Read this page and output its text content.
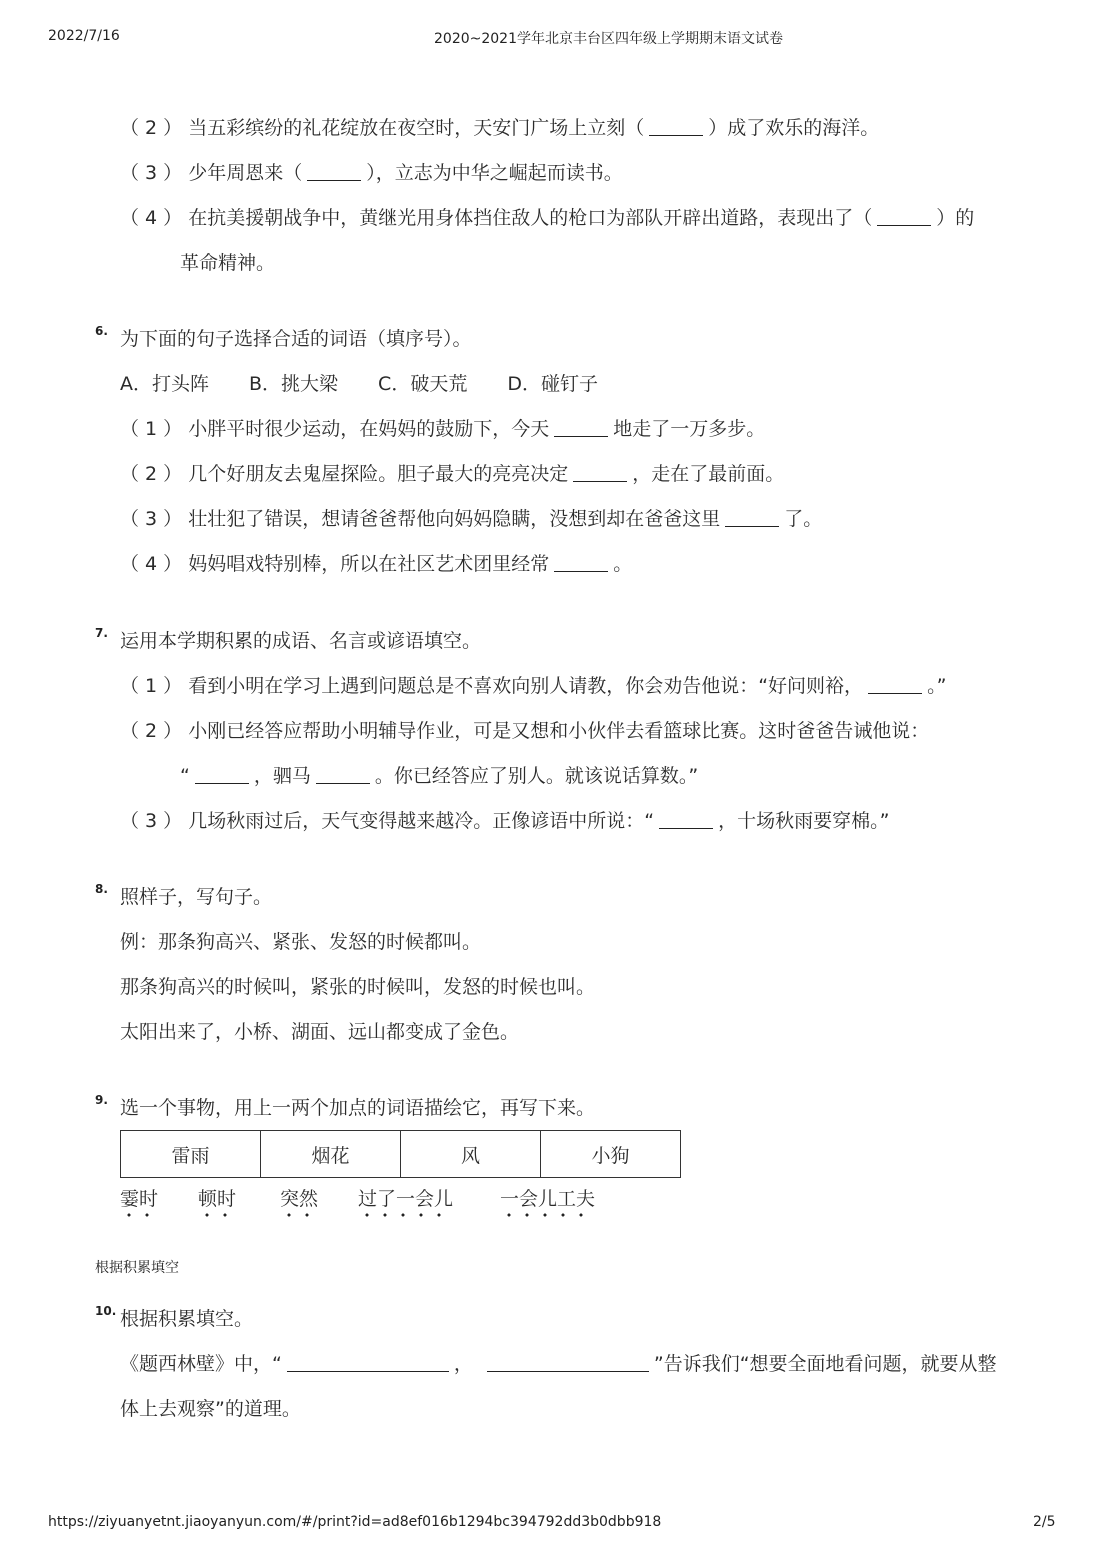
2022/7/16	2020~2021学年北京丰台区四年级上学期期末语文试卷
（ 2 ） 当五彩缤纷的礼花绽放在夜空时，天安门广场上立刻（	）成了欢乐的海洋。
（ 3 ） 少年周恩来（	），立志为中华之崛起而读书。
（ 4 ） 在抗美援朝战争中，黄继光用身体挡住敌人的枪口为部队开辟出道路，表现出了（	）的
革命精神。
6. 为下面的句子选择合适的词语（填序号）。
A．打头阵 B．挑大梁 C．破天荒 D．碰钉子
（ 1 ） 小胖平时很少运动，在妈妈的鼓励下，今天	地走了一万多步。
（ 2 ） 几个好朋友去鬼屋探险。胆子最大的亮亮决定	，走在了最前面。
（ 3 ） 壮壮犯了错误，想请爸爸帮他向妈妈隐瞒，没想到却在爸爸这里	了。
（ 4 ） 妈妈唱戏特别棒，所以在社区艺术团里经常	。
7. 运用本学期积累的成语、名言或谚语填空。
（ 1 ） 看到小明在学习上遇到问题总是不喜欢向别人请教，你会劝告他说：“好问则裕，	。”
（ 2 ） 小刚已经答应帮助小明辅导作业，可是又想和小伙伴去看篮球比赛。这时爸爸告诫他说：
“	，驷马	。你已经答应了别人。就该说话算数。”
（ 3 ） 几场秋雨过后，天气变得越来越冷。正像谚语中所说：“	，十场秋雨要穿棉。”
8. 照样子，写句子。
例：那条狗高兴、紧张、发怒的时候都叫。
那条狗高兴的时候叫，紧张的时候叫，发怒的时候也叫。
太阳出来了，小桥、湖面、远山都变成了金色。
9. 选一个事物，用上一两个加点的词语描绘它，再写下来。
雷雨	烟花	风	小狗
霎时 顿时 突然 过了一会儿 一会儿工夫
根据积累填空
10. 根据积累填空。
《题西林壁》中，“	，	”告诉我们“想要全面地看问题，就要从整
体上去观察”的道理。
https://ziyuanyetnt.jiaoyanyun.com/#/print?id=ad8ef016b1294bc394792dd3b0dbb918	2/5
